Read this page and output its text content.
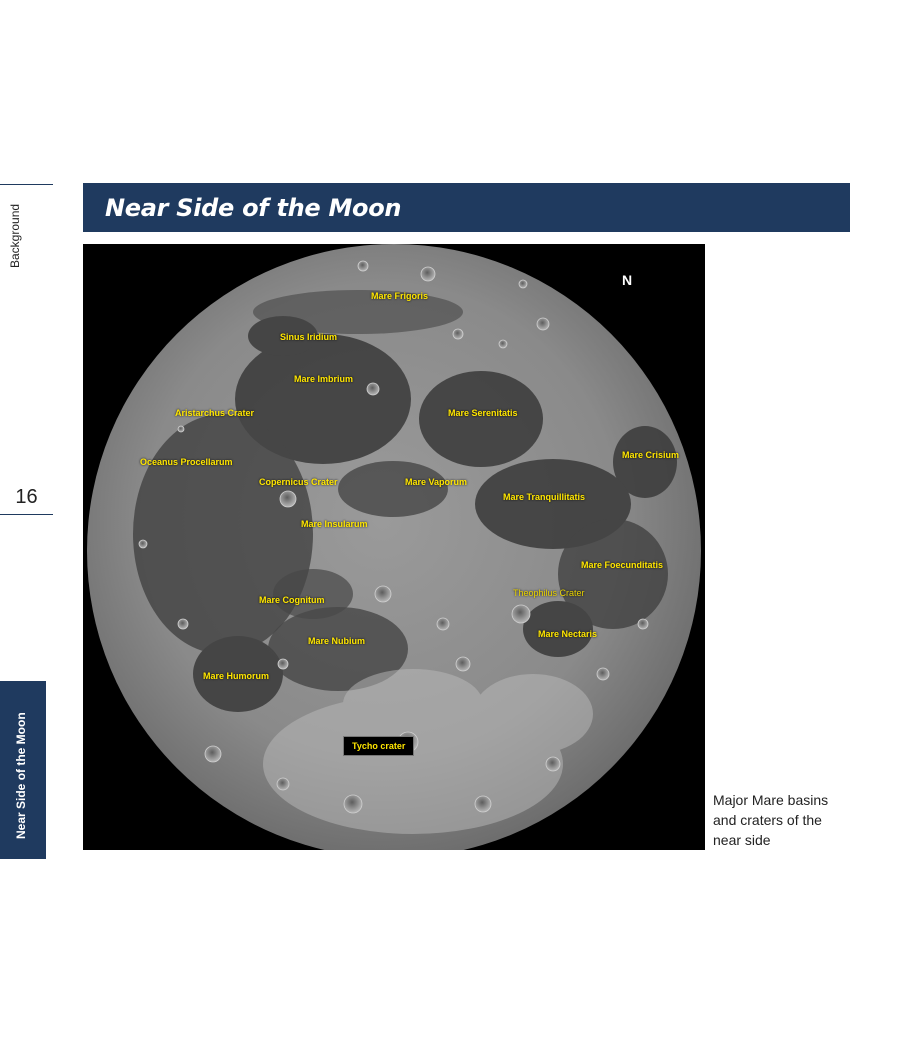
Background
16
Near Side of the Moon
Near Side of the Moon
N
Mare Frigoris
Sinus Iridium
Mare Imbrium
Aristarchus Crater	Mare Serenitatis
Mare Crisium
Oceanus Procellarum
Copernicus Crater	Mare Vaporum
Mare Tranquillitatis
Mare Insularum
Mare Foecunditatis
Theophilus Crater
Mare Cognitum
Mare Nectaris
Mare Nubium
Mare Humorum
Tycho crater
Major Mare basins and craters of the near side
